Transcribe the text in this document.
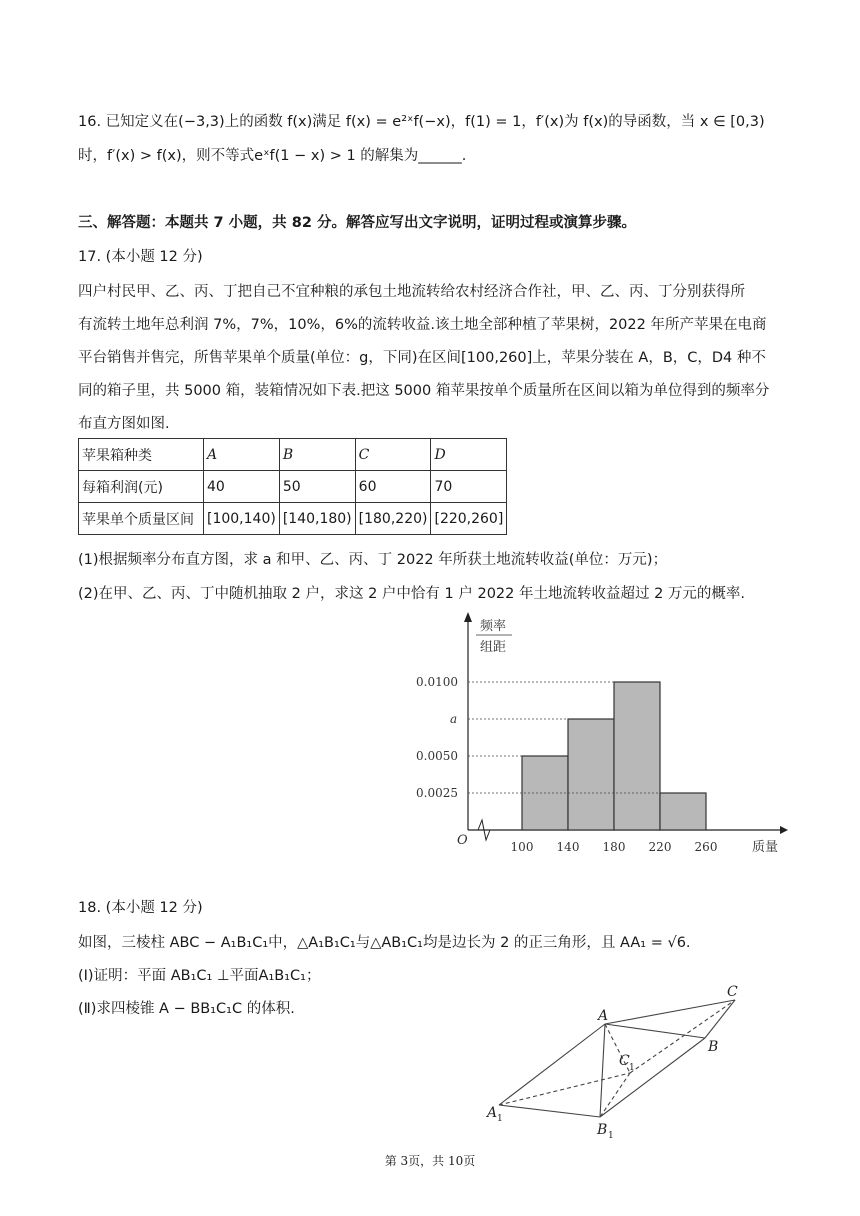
16. 已知定义在(−3,3)上的函数 f(x)满足 f(x) = e²ˣf(−x)，f(1) = 1，f′(x)为 f(x)的导函数，当 x ∈ [0,3)
时，f′(x) > f(x)，则不等式eˣf(1 − x) > 1 的解集为______.
三、解答题：本题共 7 小题，共 82 分。解答应写出文字说明，证明过程或演算步骤。
17. (本小题 12 分)
四户村民甲、乙、丙、丁把自己不宜种粮的承包土地流转给农村经济合作社，甲、乙、丙、丁分别获得所
有流转土地年总利润 7%，7%，10%，6%的流转收益.该土地全部种植了苹果树，2022 年所产苹果在电商
平台销售并售完，所售苹果单个质量(单位：g，下同)在区间[100,260]上，苹果分装在 A，B，C，D4 种不
同的箱子里，共 5000 箱，装箱情况如下表.把这 5000 箱苹果按单个质量所在区间以箱为单位得到的频率分
布直方图如图.
苹果箱种类	A	B	C	D
每箱利润(元)	40	50	60	70
苹果单个质量区间	[100,140)	[140,180)	[180,220)	[220,260]
(1)根据频率分布直方图，求 a 和甲、乙、丙、丁 2022 年所获土地流转收益(单位：万元)；
(2)在甲、乙、丙、丁中随机抽取 2 户，求这 2 户中恰有 1 户 2022 年土地流转收益超过 2 万元的概率.
频率
组距
0.0100
a
0.0050
0.0025
100 140 180 220 260	质量
O
18. (本小题 12 分)
如图，三棱柱 ABC − A₁B₁C₁中，△A₁B₁C₁与△AB₁C₁均是边长为 2 的正三角形，且 AA₁ = √6.
(Ⅰ)证明：平面 AB₁C₁ ⊥平面A₁B₁C₁；
(Ⅱ)求四棱锥 A − BB₁C₁C 的体积.	A
B
C
A
B
C
1
1
1
第 3页，共 10页
